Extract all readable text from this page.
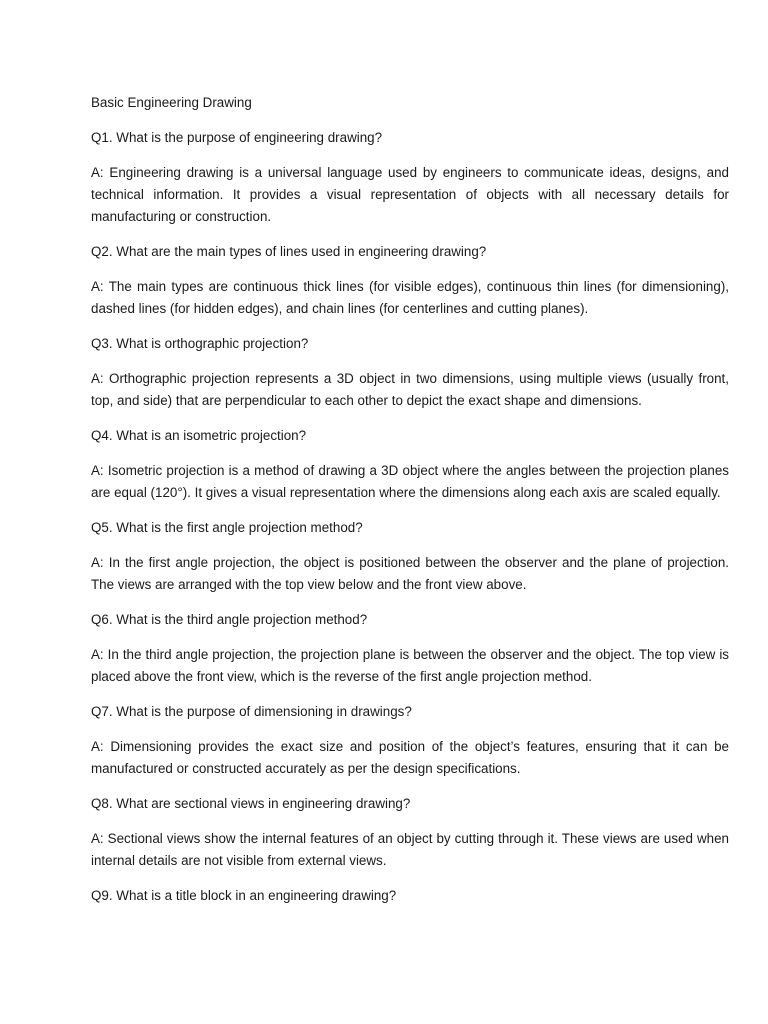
Basic Engineering Drawing

Q1. What is the purpose of engineering drawing?

A: Engineering drawing is a universal language used by engineers to communicate ideas, designs, and technical information. It provides a visual representation of objects with all necessary details for manufacturing or construction.

Q2. What are the main types of lines used in engineering drawing?

A: The main types are continuous thick lines (for visible edges), continuous thin lines (for dimensioning), dashed lines (for hidden edges), and chain lines (for centerlines and cutting planes).

Q3. What is orthographic projection?

A: Orthographic projection represents a 3D object in two dimensions, using multiple views (usually front, top, and side) that are perpendicular to each other to depict the exact shape and dimensions.

Q4. What is an isometric projection?

A: Isometric projection is a method of drawing a 3D object where the angles between the projection planes are equal (120°). It gives a visual representation where the dimensions along each axis are scaled equally.

Q5. What is the first angle projection method?

A: In the first angle projection, the object is positioned between the observer and the plane of projection. The views are arranged with the top view below and the front view above.

Q6. What is the third angle projection method?

A: In the third angle projection, the projection plane is between the observer and the object. The top view is placed above the front view, which is the reverse of the first angle projection method.

Q7. What is the purpose of dimensioning in drawings?

A: Dimensioning provides the exact size and position of the object’s features, ensuring that it can be manufactured or constructed accurately as per the design specifications.

Q8. What are sectional views in engineering drawing?

A: Sectional views show the internal features of an object by cutting through it. These views are used when internal details are not visible from external views.

Q9. What is a title block in an engineering drawing?
